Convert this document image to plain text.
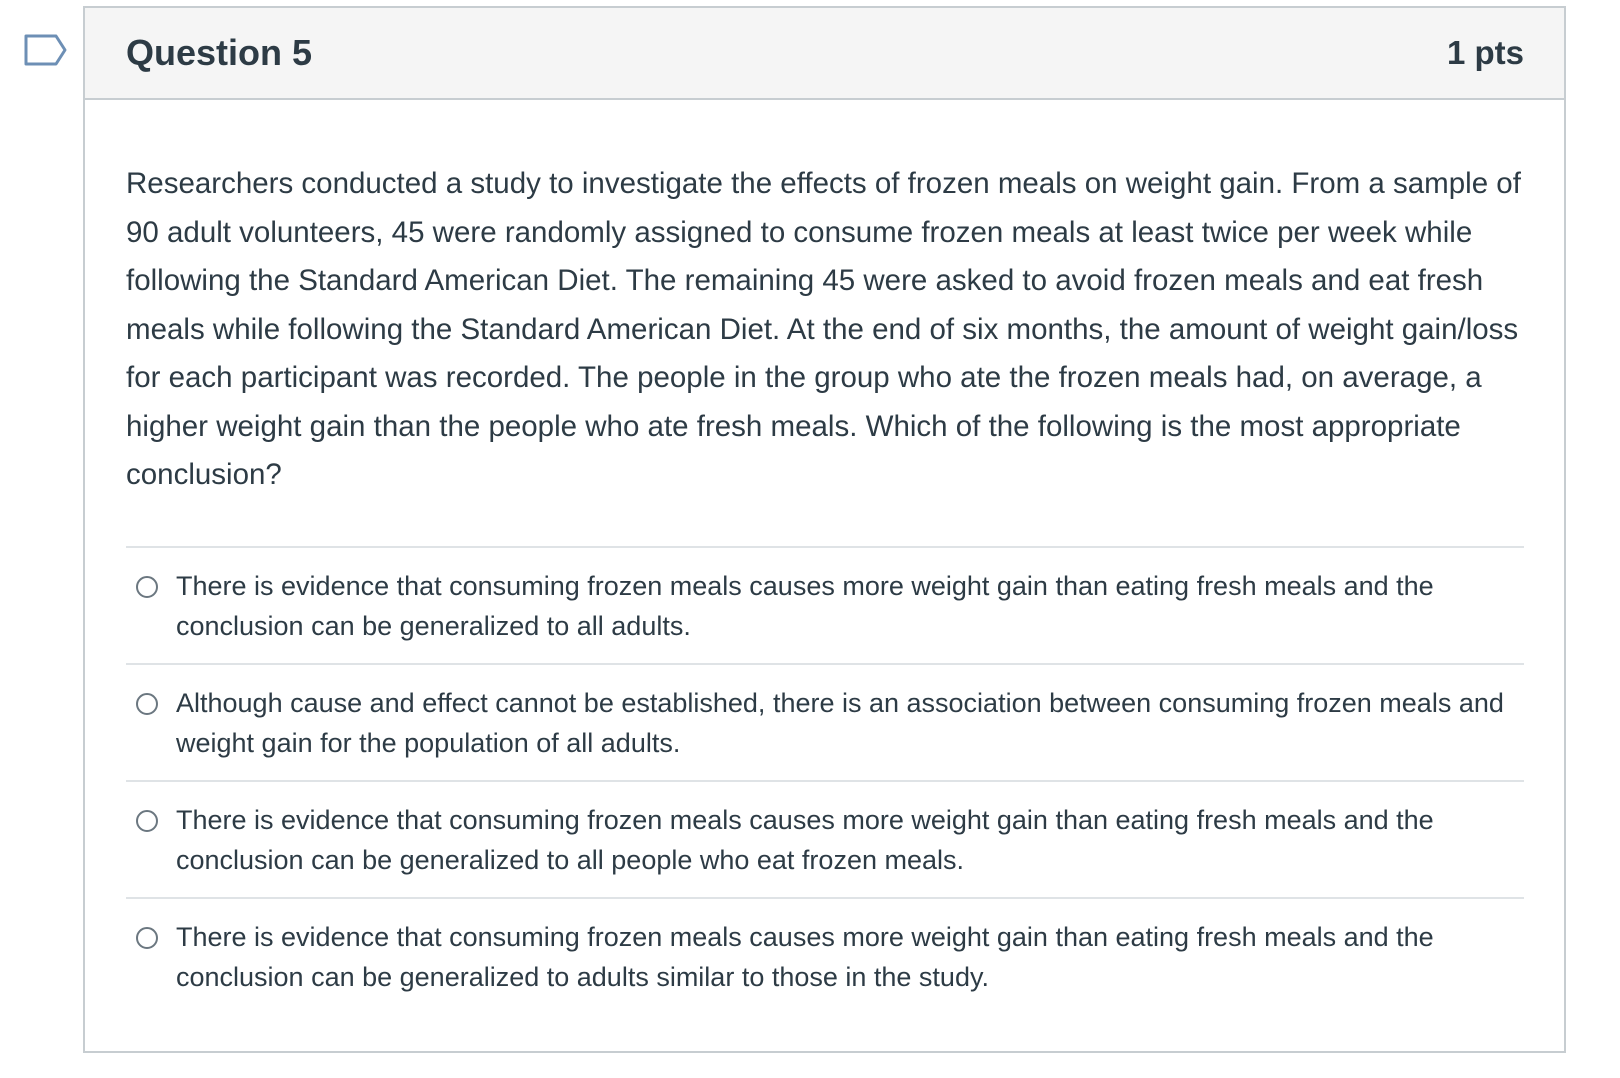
Question 5	1 pts

Researchers conducted a study to investigate the effects of frozen meals on weight gain. From a sample of 90 adult volunteers, 45 were randomly assigned to consume frozen meals at least twice per week while following the Standard American Diet. The remaining 45 were asked to avoid frozen meals and eat fresh meals while following the Standard American Diet. At the end of six months, the amount of weight gain/loss for each participant was recorded. The people in the group who ate the frozen meals had, on average, a higher weight gain than the people who ate fresh meals. Which of the following is the most appropriate conclusion?

There is evidence that consuming frozen meals causes more weight gain than eating fresh meals and the conclusion can be generalized to all adults.
Although cause and effect cannot be established, there is an association between consuming frozen meals and weight gain for the population of all adults.
There is evidence that consuming frozen meals causes more weight gain than eating fresh meals and the conclusion can be generalized to all people who eat frozen meals.
There is evidence that consuming frozen meals causes more weight gain than eating fresh meals and the conclusion can be generalized to adults similar to those in the study.
